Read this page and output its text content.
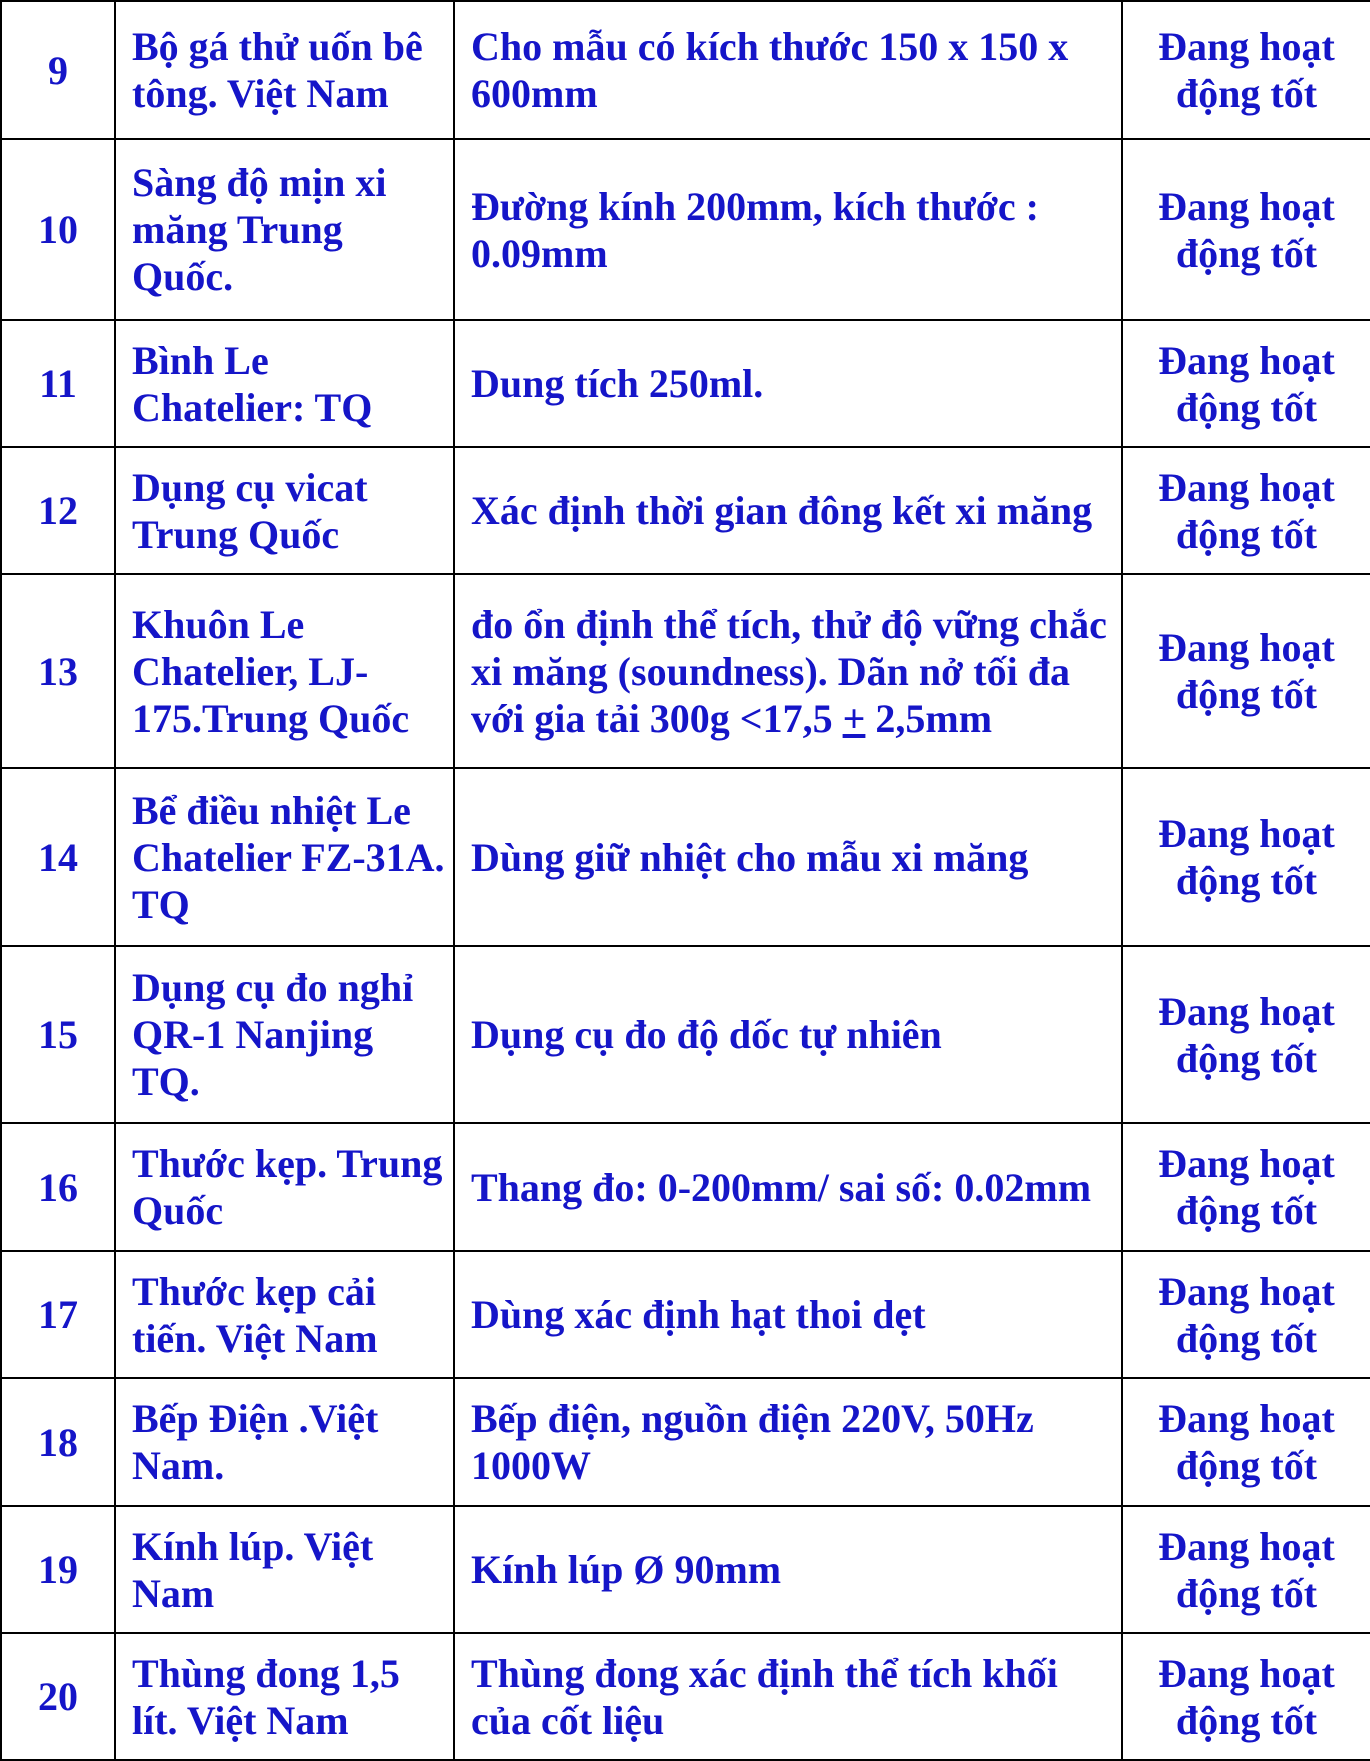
9	Bộ gá thử uốn bê tông. Việt Nam	Cho mẫu có kích thước 150 x 150 x 600mm	Đang hoạt động tốt
10	Sàng độ mịn xi măng Trung Quốc.	Đường kính 200mm, kích thước : 0.09mm	Đang hoạt động tốt
11	Bình Le Chatelier: TQ	Dung tích 250ml.	Đang hoạt động tốt
12	Dụng cụ vicat Trung Quốc	Xác định thời gian đông kết xi măng	Đang hoạt động tốt
13	Khuôn Le Chatelier, LJ-175.Trung Quốc	đo ổn định thể tích, thử độ vững chắc xi măng (soundness). Dãn nở tối đa với gia tải 300g <17,5 + 2,5mm	Đang hoạt động tốt
14	Bể điều nhiệt Le Chatelier FZ-31A. TQ	Dùng giữ nhiệt cho mẫu xi măng	Đang hoạt động tốt
15	Dụng cụ đo nghỉ QR-1 Nanjing TQ.	Dụng cụ đo độ dốc tự nhiên	Đang hoạt động tốt
16	Thước kẹp. Trung Quốc	Thang đo: 0-200mm/ sai số: 0.02mm	Đang hoạt động tốt
17	Thước kẹp cải tiến. Việt Nam	Dùng xác định hạt thoi dẹt	Đang hoạt động tốt
18	Bếp Điện .Việt Nam.	Bếp điện, nguồn điện 220V, 50Hz 1000W	Đang hoạt động tốt
19	Kính lúp. Việt Nam	Kính lúp Ø 90mm	Đang hoạt động tốt
20	Thùng đong 1,5 lít. Việt Nam	Thùng đong xác định thể tích khối của cốt liệu	Đang hoạt động tốt
